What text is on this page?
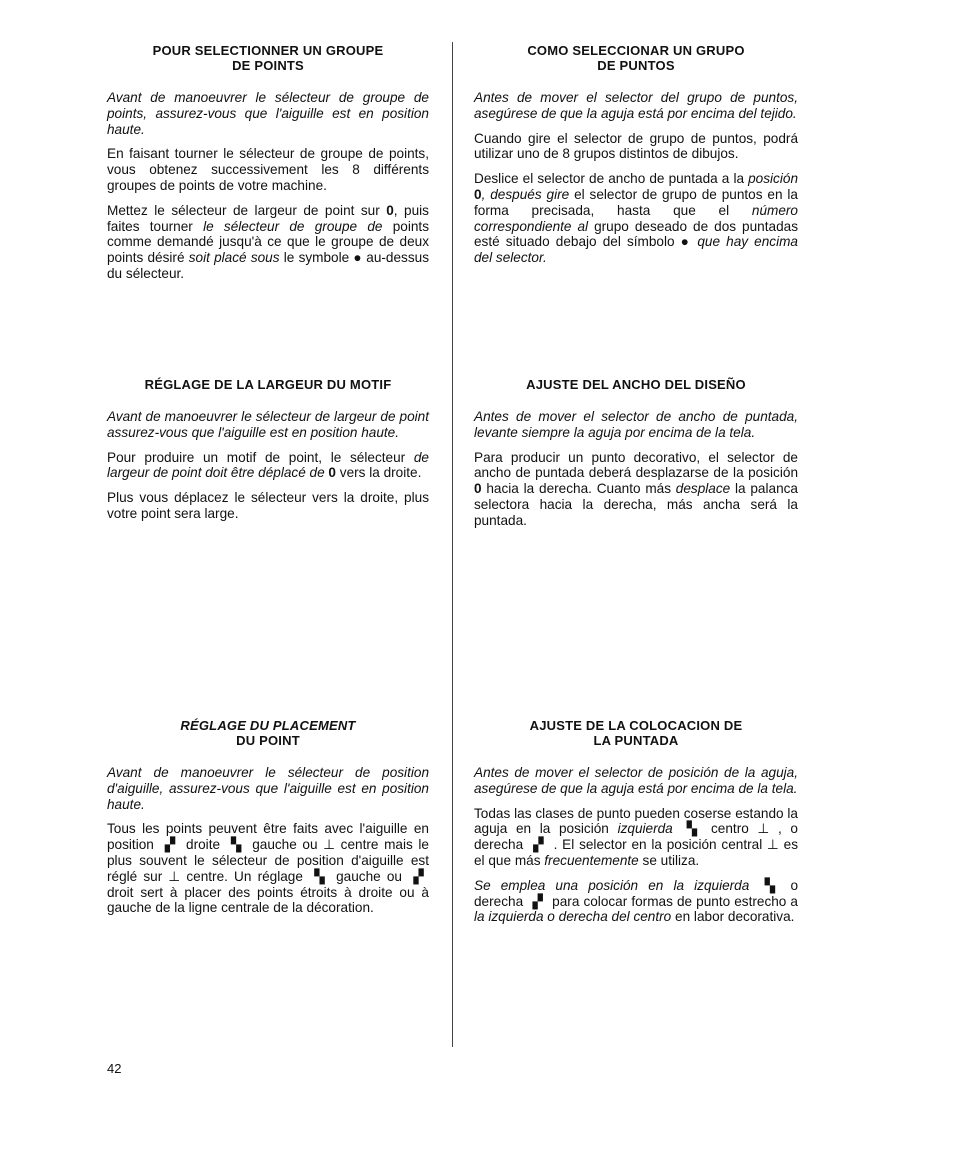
POUR SELECTIONNER UN GROUPE
DE POINTS

Avant de manoeuvrer le sélecteur de groupe de points, assurez-vous que l'aiguille est en position haute.

En faisant tourner le sélecteur de groupe de points, vous obtenez successivement les 8 différents groupes de points de votre machine.

Mettez le sélecteur de largeur de point sur 0, puis faites tourner le sélecteur de groupe de points comme demandé jusqu'à ce que le groupe de deux points désiré soit placé sous le symbole ● au-dessus du sélecteur.

RÉGLAGE DE LA LARGEUR DU MOTIF

Avant de manoeuvrer le sélecteur de largeur de point assurez-vous que l'aiguille est en position haute.

Pour produire un motif de point, le sélecteur de largeur de point doit être déplacé de 0 vers la droite.

Plus vous déplacez le sélecteur vers la droite, plus votre point sera large.

RÉGLAGE DU PLACEMENT
DU POINT

Avant de manoeuvrer le sélecteur de position d'aiguille, assurez-vous que l'aiguille est en position haute.

Tous les points peuvent être faits avec l'aiguille en position ▗▘ droite ▝▖ gauche ou ⊥ centre mais le plus souvent le sélecteur de position d'aiguille est réglé sur ⊥ centre. Un réglage ▝▖ gauche ou ▗▘ droit sert à placer des points étroits à droite ou à gauche de la ligne centrale de la décoration.

COMO SELECCIONAR UN GRUPO
DE PUNTOS

Antes de mover el selector del grupo de puntos, asegúrese de que la aguja está por encima del tejido.

Cuando gire el selector de grupo de puntos, podrá utilizar uno de 8 grupos distintos de dibujos.

Deslice el selector de ancho de puntada a la posición 0, después gire el selector de grupo de puntos en la forma precisada, hasta que el número correspondiente al grupo deseado de dos puntadas esté situado debajo del símbolo ● que hay encima del selector.

AJUSTE DEL ANCHO DEL DISEÑO

Antes de mover el selector de ancho de puntada, levante siempre la aguja por encima de la tela.

Para producir un punto decorativo, el selector de ancho de puntada deberá desplazarse de la posición 0 hacia la derecha. Cuanto más desplace la palanca selectora hacia la derecha, más ancha será la puntada.

AJUSTE DE LA COLOCACION DE
LA PUNTADA

Antes de mover el selector de posición de la aguja, asegúrese de que la aguja está por encima de la tela.

Todas las clases de punto pueden coserse estando la aguja en la posición izquierda ▝▖ centro ⊥ , o derecha ▗▘ . El selector en la posición central ⊥ es el que más frecuentemente se utiliza.

Se emplea una posición en la izquierda ▝▖ o derecha ▗▘ para colocar formas de punto estrecho a la izquierda o derecha del centro en labor decorativa.

42
